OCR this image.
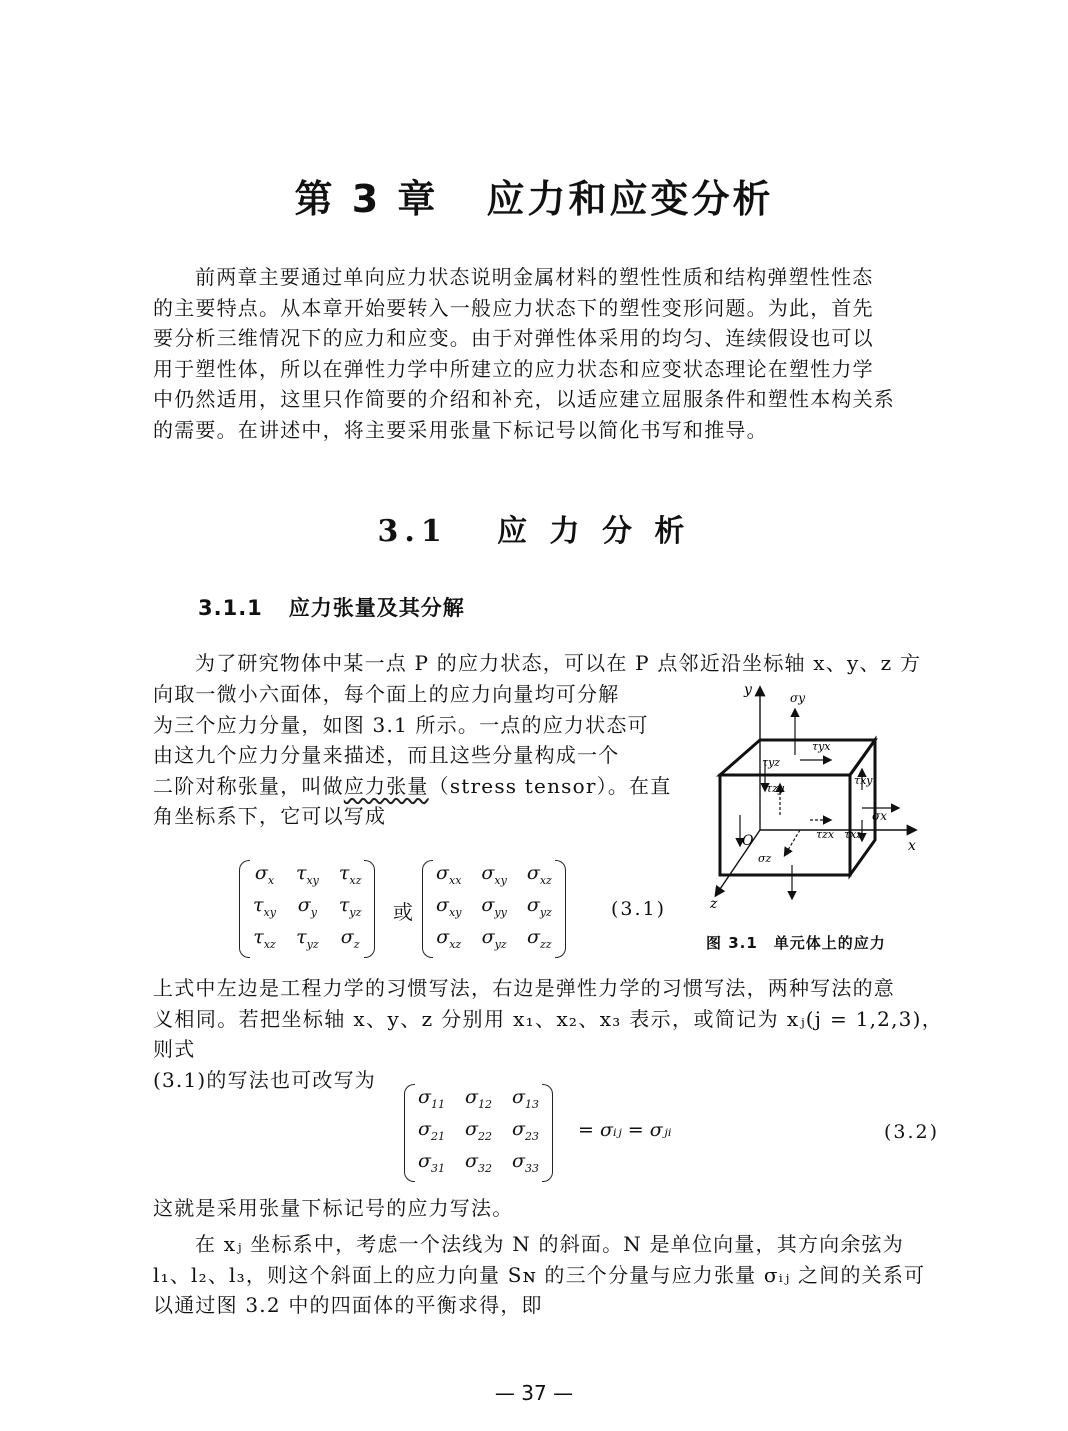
第 3 章 应力和应变分析
前两章主要通过单向应力状态说明金属材料的塑性性质和结构弹塑性性态
的主要特点。从本章开始要转入一般应力状态下的塑性变形问题。为此，首先
要分析三维情况下的应力和应变。由于对弹性体采用的均匀、连续假设也可以
用于塑性体，所以在弹性力学中所建立的应力状态和应变状态理论在塑性力学
中仍然适用，这里只作简要的介绍和补充，以适应建立屈服条件和塑性本构关系
的需要。在讲述中，将主要采用张量下标记号以简化书写和推导。
3.1 应 力 分 析
3.1.1 应力张量及其分解
为了研究物体中某一点 P 的应力状态，可以在 P 点邻近沿坐标轴 x、y、z 方
向取一微小六面体，每个面上的应力向量均可分解
为三个应力分量，如图 3.1 所示。一点的应力状态可
由这九个应力分量来描述，而且这些分量构成一个
二阶对称张量，叫做应力张量（stress tensor）。在直
角坐标系下，它可以写成
$\sigma_x$	$\tau_{xy}$	$\tau_{xz}$
$\tau_{xy}$	$\sigma_y$	$\tau_{yz}$
$\tau_{xz}$	$\tau_{yz}$	$\sigma_z$
或
$\sigma_{xx}$	$\sigma_{xy}$	$\sigma_{xz}$
$\sigma_{xy}$	$\sigma_{yy}$	$\sigma_{yz}$
$\sigma_{xz}$	$\sigma_{yz}$	$\sigma_{zz}$
(3.1)
y
x
z
O
σy
σx
σz
τyz
τyx
τxy
τzy
τzx τxz
图 3.1　单元体上的应力
上式中左边是工程力学的习惯写法，右边是弹性力学的习惯写法，两种写法的意
义相同。若把坐标轴 x、y、z 分别用 x₁、x₂、x₃ 表示，或简记为 xⱼ(j = 1,2,3)，则式
(3.1)的写法也可改写为
$\sigma_{11}$	$\sigma_{12}$	$\sigma_{13}$
$\sigma_{21}$	$\sigma_{22}$	$\sigma_{23}$
$\sigma_{31}$	$\sigma_{32}$	$\sigma_{33}$
= σᵢⱼ = σⱼᵢ	(3.2)
这就是采用张量下标记号的应力写法。
在 xⱼ 坐标系中，考虑一个法线为 N 的斜面。N 是单位向量，其方向余弦为
l₁、l₂、l₃，则这个斜面上的应力向量 Sɴ 的三个分量与应力张量 σᵢⱼ 之间的关系可
以通过图 3.2 中的四面体的平衡求得，即
— 37 —
